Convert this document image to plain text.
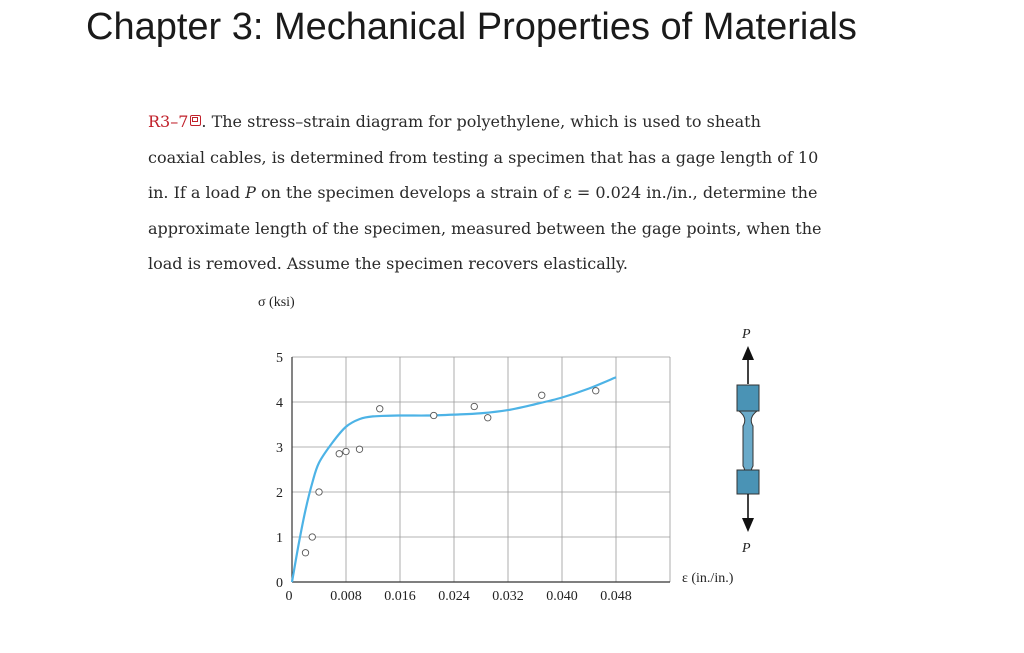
Chapter 3: Mechanical Properties of Materials
R3–7 . The stress–strain diagram for polyethylene, which is used to sheath
coaxial cables, is determined from testing a specimen that has a gage length of 10
in. If a load P on the specimen develops a strain of ε = 0.024 in./in., determine the
approximate length of the specimen, measured between the gage points, when the
load is removed. Assume the specimen recovers elastically.
0
1
2
3
4
5
0	0.008 0.016 0.024 0.032 0.040 0.048
σ (ksi)
ε (in./in.)
P
P
